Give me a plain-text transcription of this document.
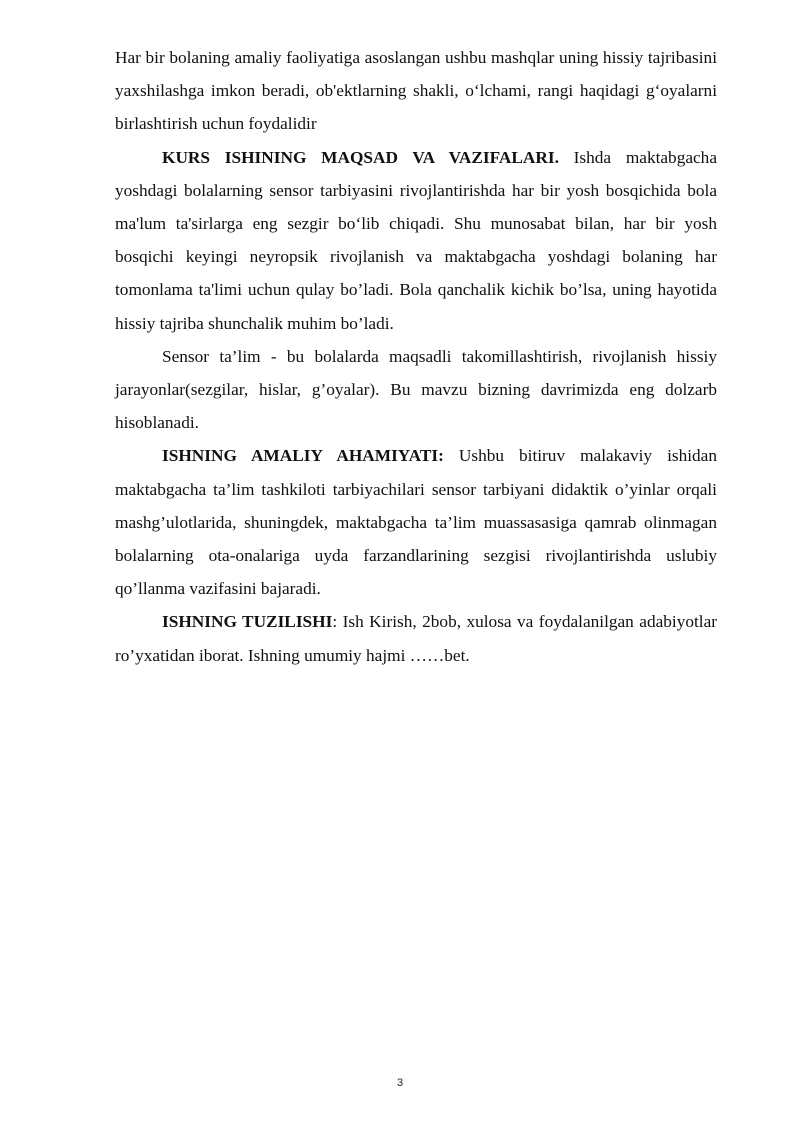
Har bir bolaning amaliy faoliyatiga asoslangan ushbu mashqlar uning hissiy tajribasini yaxshilashga imkon beradi, ob'ektlarning shakli, o‘lchami, rangi haqidagi g‘oyalarni birlashtirish uchun foydalidir

KURS ISHINING MAQSAD VA VAZIFALARI. Ishda maktabgacha yoshdagi bolalarning sensor tarbiyasini rivojlantirishda har bir yosh bosqichida bola ma'lum ta'sirlarga eng sezgir bo‘lib chiqadi. Shu munosabat bilan, har bir yosh bosqichi keyingi neyropsik rivojlanish va maktabgacha yoshdagi bolaning har tomonlama ta'limi uchun qulay bo’ladi. Bola qanchalik kichik bo’lsa, uning hayotida hissiy tajriba shunchalik muhim bo’ladi.

Sensor ta’lim - bu bolalarda maqsadli takomillashtirish, rivojlanish hissiy jarayonlar(sezgilar, hislar, g’oyalar). Bu mavzu bizning davrimizda eng dolzarb hisoblanadi.

ISHNING AMALIY AHAMIYATI: Ushbu bitiruv malakaviy ishidan maktabgacha ta’lim tashkiloti tarbiyachilari sensor tarbiyani didaktik o’yinlar orqali mashg’ulotlarida, shuningdek, maktabgacha ta’lim muassasasiga qamrab olinmagan bolalarning ota-onalariga uyda farzandlarining sezgisi rivojlantirishda uslubiy qo’llanma vazifasini bajaradi.

ISHNING TUZILISHI: Ish Kirish, 2bob, xulosa va foydalanilgan adabiyotlar ro’yxatidan iborat. Ishning umumiy hajmi ……bet.

3
